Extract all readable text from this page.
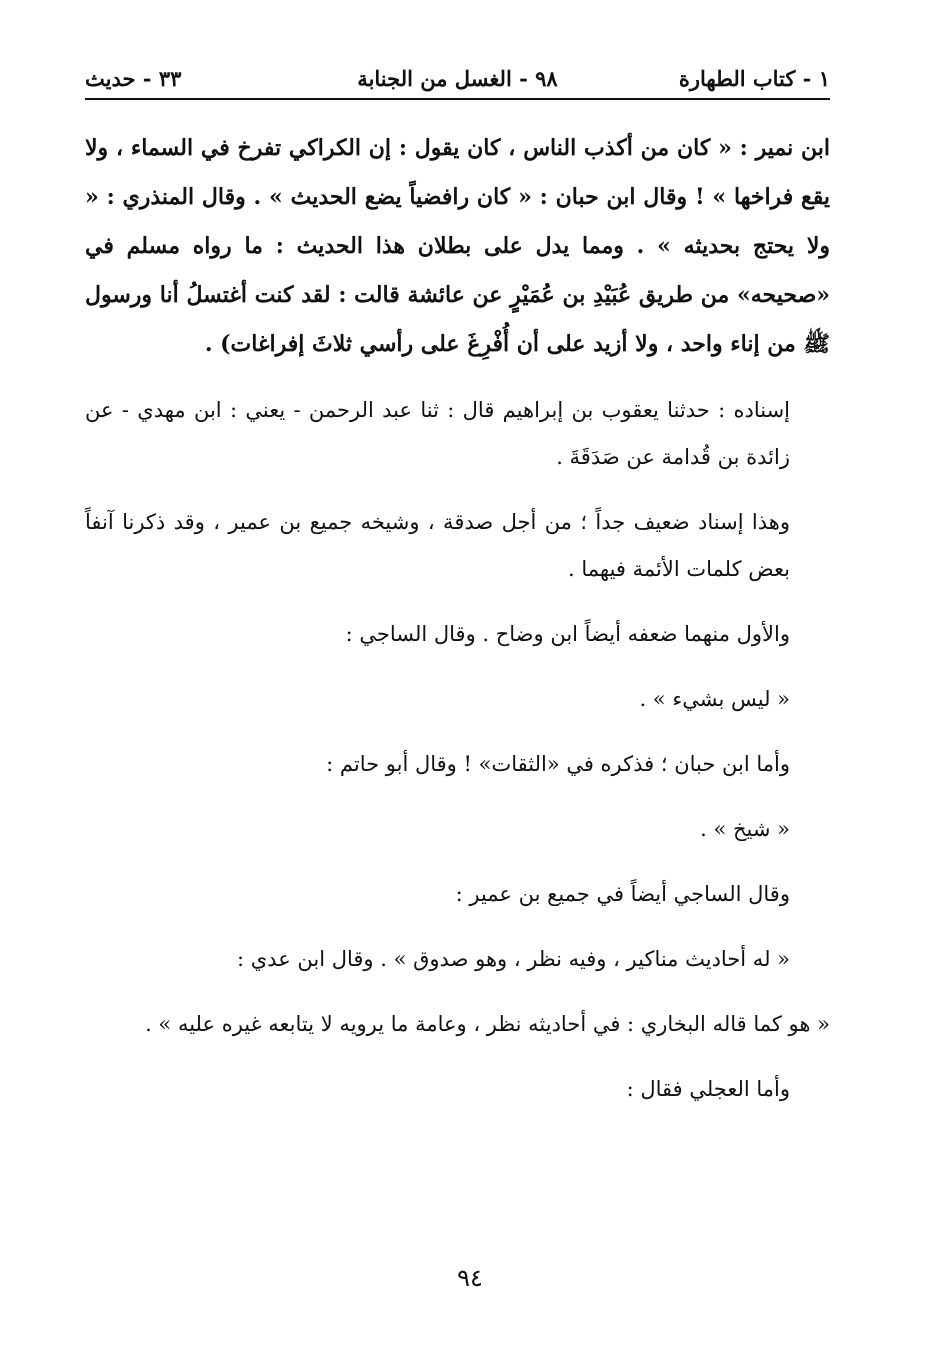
١ - كتاب الطهارة
٩٨ - الغسل من الجنابة
٣٣ - حديث

ابن نمير : « كان من أكذب الناس ، كان يقول : إن الكراكي تفرخ في السماء ، ولا يقع فراخها » ! وقال ابن حبان : « كان رافضياً يضع الحديث » . وقال المنذري : « ولا يحتج بحديثه » . ومما يدل على بطلان هذا الحديث : ما رواه مسلم في «صحيحه» من طريق عُبَيْدِ بن عُمَيْرٍ عن عائشة قالت : لقد كنت أغتسلُ أنا ورسول ﷺ من إناء واحد ، ولا أزيد على أن أُفْرِغَ على رأسي ثلاثَ إفراغات) .

إسناده : حدثنا يعقوب بن إبراهيم قال : ثنا عبد الرحمن - يعني : ابن مهدي - عن زائدة بن قُدامة عن صَدَقَةَ .

وهذا إسناد ضعيف جداً ؛ من أجل صدقة ، وشيخه جميع بن عمير ، وقد ذكرنا آنفاً بعض كلمات الأئمة فيهما .

والأول منهما ضعفه أيضاً ابن وضاح . وقال الساجي :
« ليس بشيء » .
وأما ابن حبان ؛ فذكره في «الثقات» ! وقال أبو حاتم :
« شيخ » .
وقال الساجي أيضاً في جميع بن عمير :
« له أحاديث مناكير ، وفيه نظر ، وهو صدوق » . وقال ابن عدي :
« هو كما قاله البخاري : في أحاديثه نظر ، وعامة ما يرويه لا يتابعه غيره عليه » .
وأما العجلي فقال :
٩٤
